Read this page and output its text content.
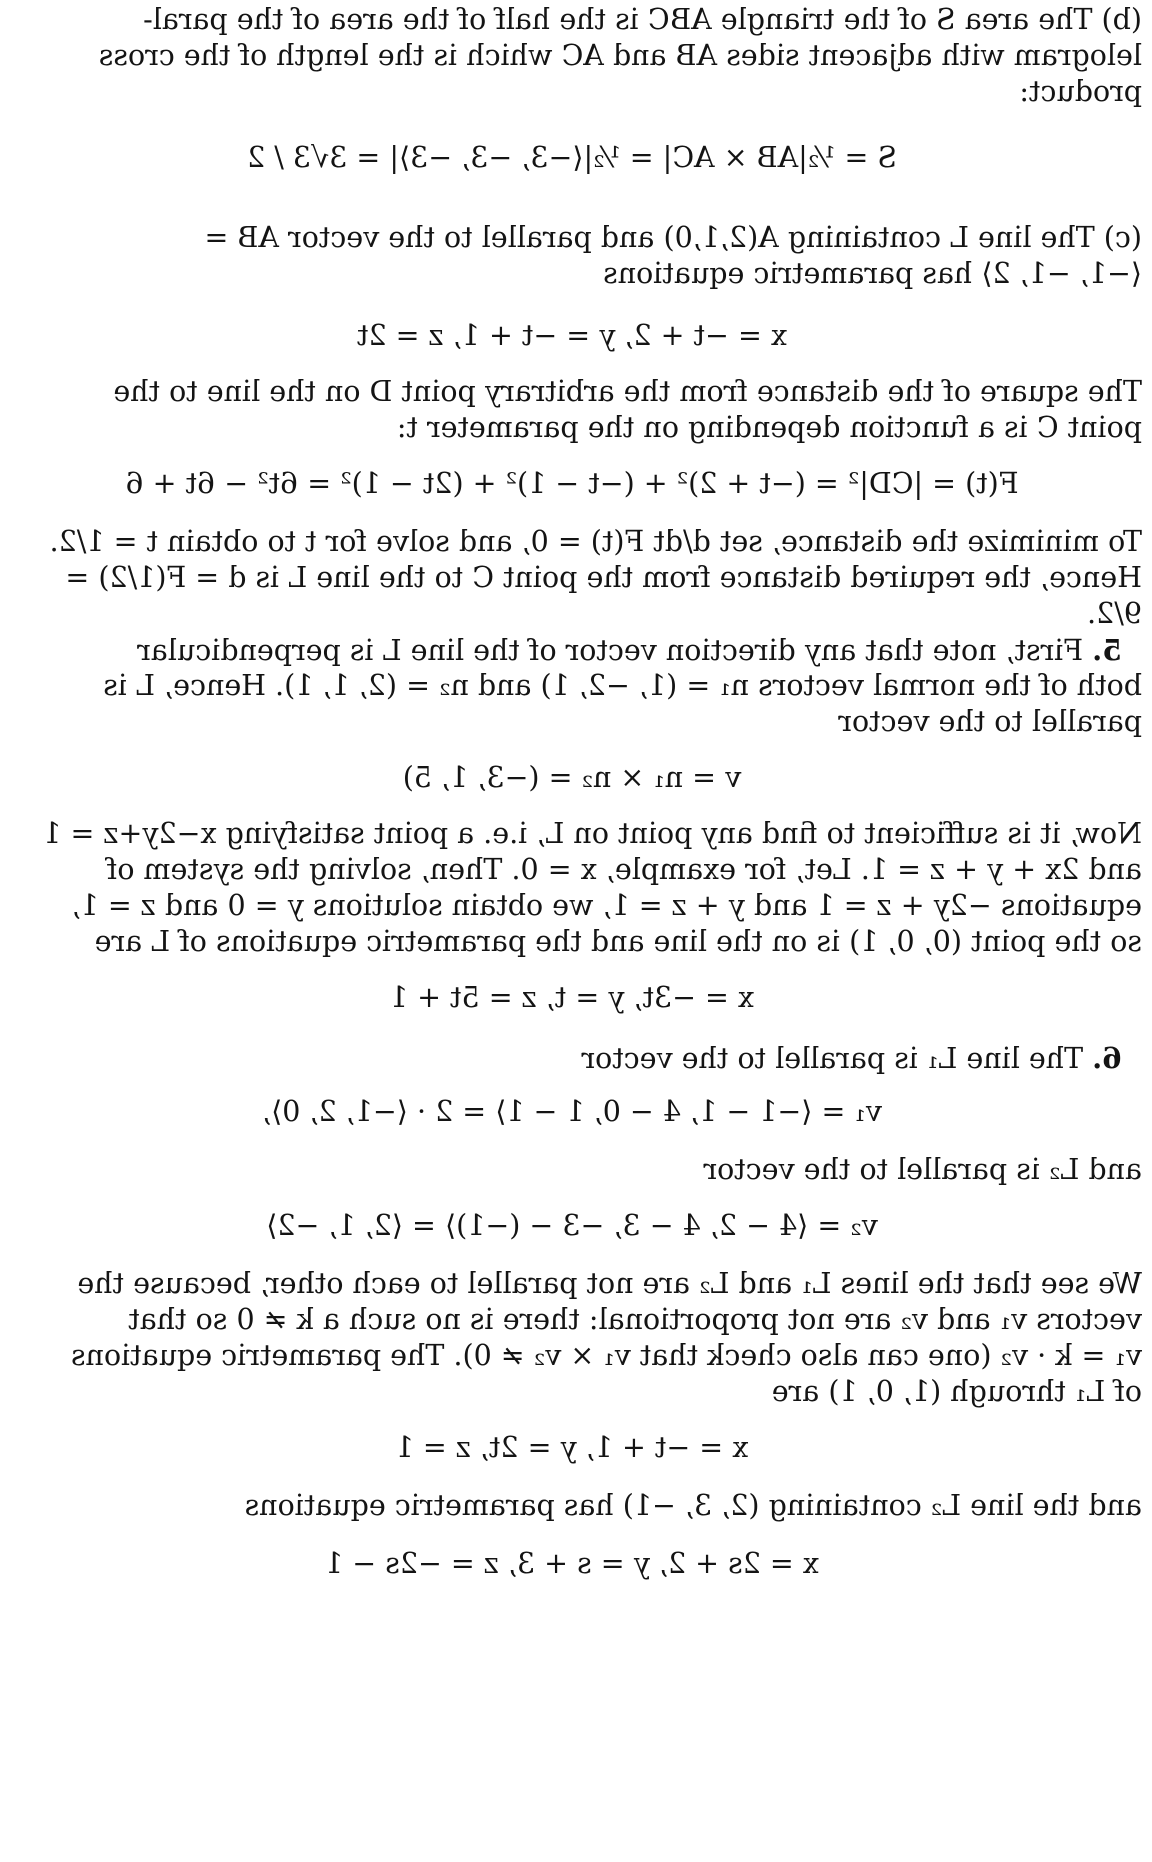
(b) The area S of the triangle ABC is the half of the area of the paral-

lelogram with adjacent sides AB and AC which is the length of the cross

product:

S = ½|AB × AC| = ½|⟨−3, −3, −3⟩| = 3√3 / 2

(c) The line L containing A(2,1,0) and parallel to the vector AB =

⟨−1, −1, 2⟩ has parametric equations

x = −t + 2, y = −t + 1, z = 2t

The square of the distance from the arbitrary point D on the line to the

point C is a function depending on the parameter t:

F(t) = |CD|² = (−t + 2)² + (−t − 1)² + (2t − 1)² = 6t² − 6t + 6

To minimize the distance, set d/dt F(t) = 0, and solve for t to obtain t = 1/2.

Hence, the required distance from the point C to the line L is d = F(1/2) =

9/2.

5. First, note that any direction vector of the line L is perpendicular

both of the normal vectors n₁ = (1, −2, 1) and n₂ = (2, 1, 1). Hence, L is

parallel to the vector

v = n₁ × n₂ = (−3, 1, 5)

Now, it is sufficient to find any point on L, i.e. a point satisfying x−2y+z = 1

and 2x + y + z = 1. Let, for example, x = 0. Then, solving the system of

equations −2y + z = 1 and y + z = 1, we obtain solutions y = 0 and z = 1,

so the point (0, 0, 1) is on the line and the parametric equations of L are

x = −3t, y = t, z = 5t + 1

6. The line L₁ is parallel to the vector

v₁ = ⟨−1 − 1, 4 − 0, 1 − 1⟩ = 2 · ⟨−1, 2, 0⟩,

and L₂ is parallel to the vector

v₂ = ⟨4 − 2, 4 − 3, −3 − (−1)⟩ = ⟨2, 1, −2⟩

We see that the lines L₁ and L₂ are not parallel to each other, because the

vectors v₁ and v₂ are not proportional: there is no such a k ≠ 0 so that

v₁ = k · v₂ (one can also check that v₁ × v₂ ≠ 0). The parametric equations

of L₁ through (1, 0, 1) are

x = −t + 1, y = 2t, z = 1

and the line L₂ containing (2, 3, −1) has parametric equations

x = 2s + 2, y = s + 3, z = −2s − 1
